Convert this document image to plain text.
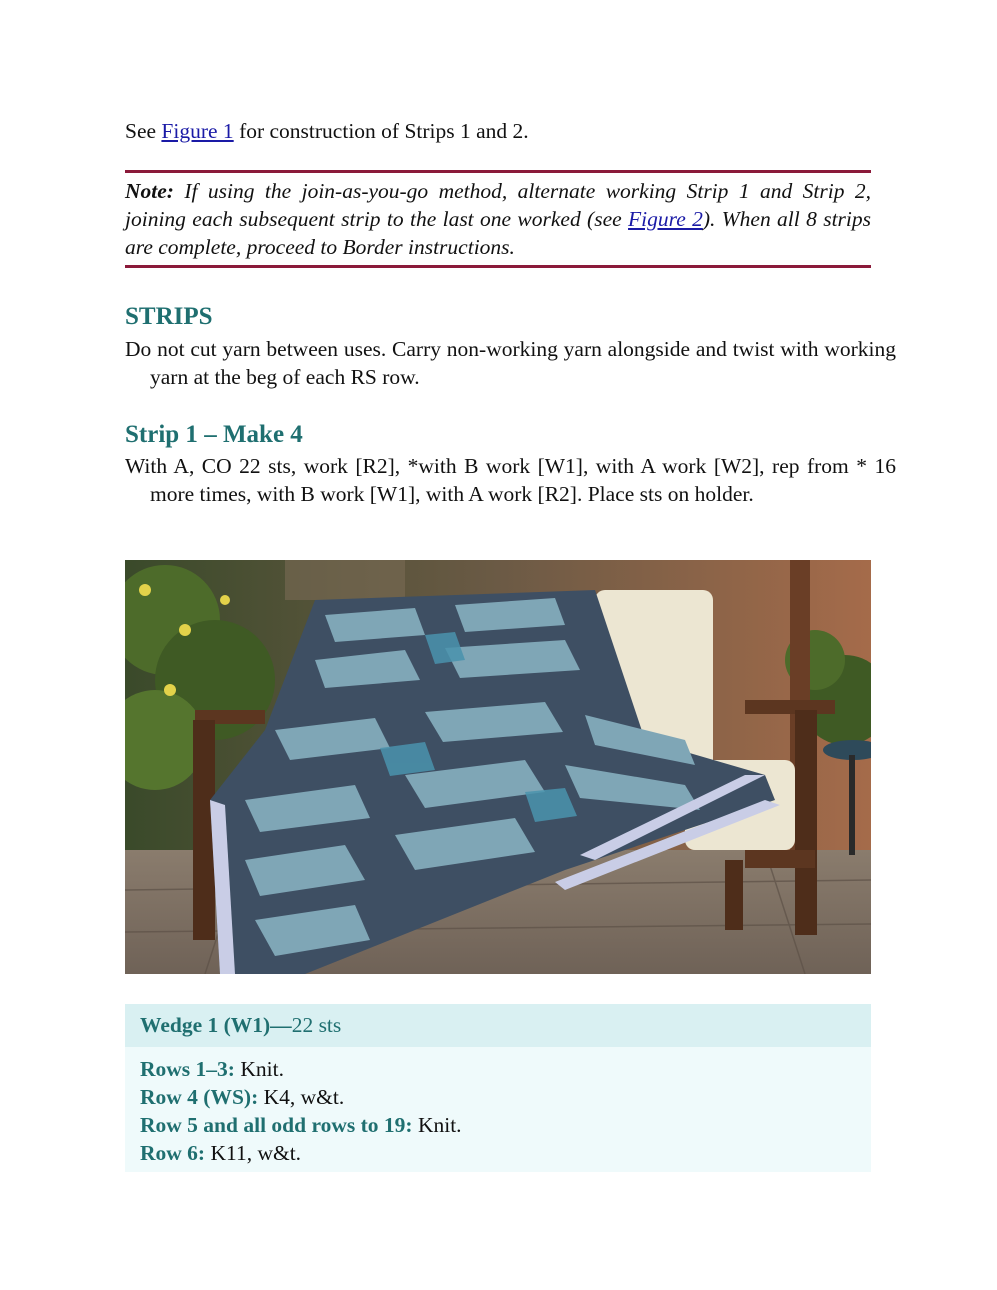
See Figure 1 for construction of Strips 1 and 2.

Note: If using the join-as-you-go method, alternate working Strip 1 and Strip 2, joining each subsequent strip to the last one worked (see Figure 2). When all 8 strips are complete, proceed to Border instructions.

STRIPS

Do not cut yarn between uses. Carry non-working yarn alongside and twist with working yarn at the beg of each RS row.

Strip 1 – Make 4

With A, CO 22 sts, work [R2], *with B work [W1], with A work [W2], rep from * 16 more times, with B work [W1], with A work [R2]. Place sts on holder.

Wedge 1 (W1)— 22 sts
Rows 1–3: Knit.
Row 4 (WS): K4, w&t.
Row 5 and all odd rows to 19: Knit.
Row 6: K11, w&t.
